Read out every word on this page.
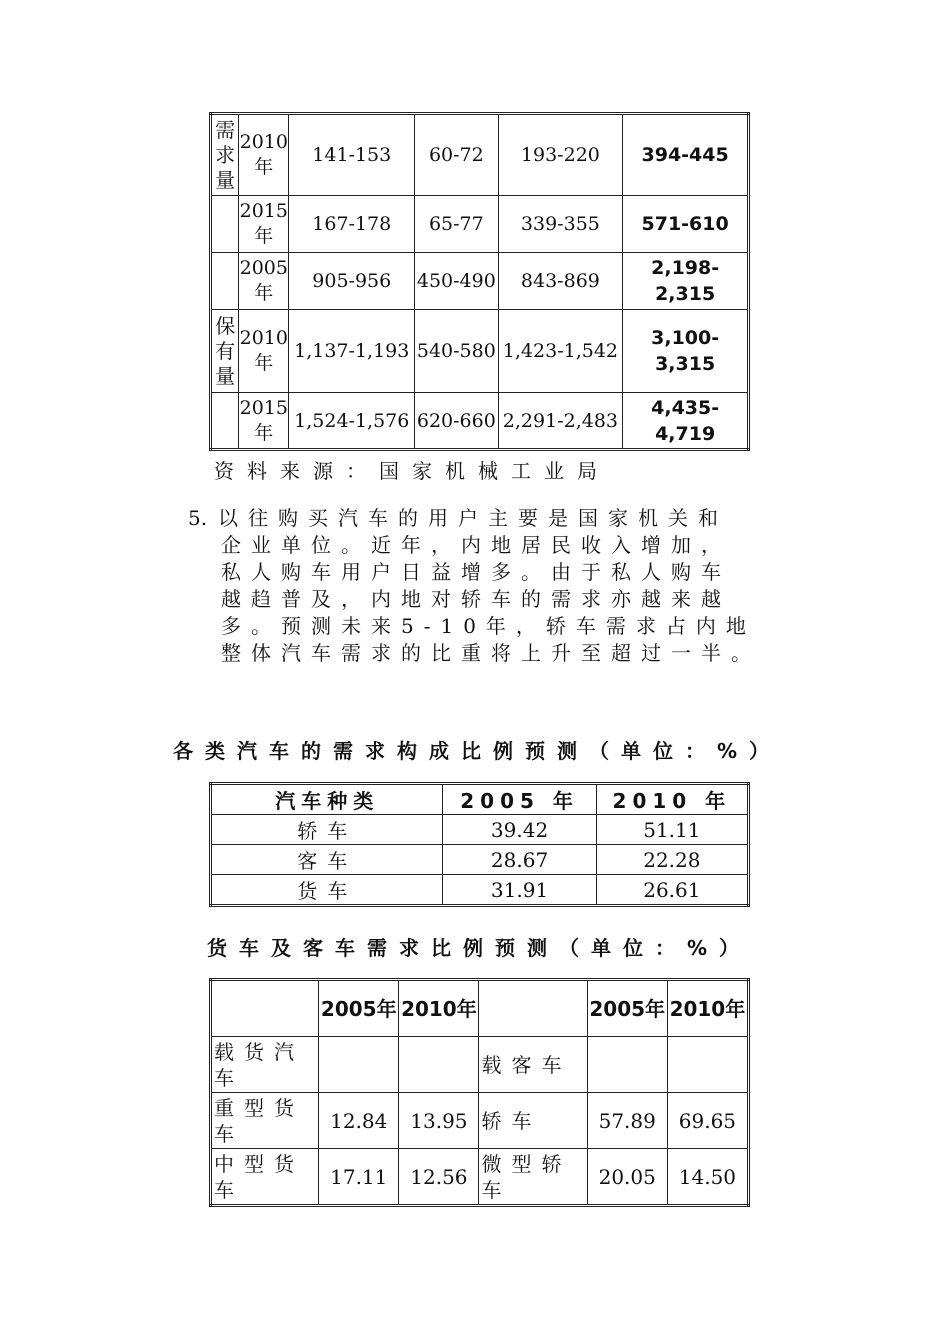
需求量	2010年	141-153	60-72	193-220	394-445
	2015年	167-178	65-77	339-355	571-610
	2005年	905-956	450-490	843-869	2,198-2,315
保有量	2010年	1,137-1,193	540-580	1,423-1,542	3,100-3,315
	2015年	1,524-1,576	620-660	2,291-2,483	4,435-4,719
资料来源：国家机械工业局
5. 以往购买汽车的用户主要是国家机关和
企业单位。近年，内地居民收入增加，
私人购车用户日益增多。由于私人购车
越趋普及，内地对轿车的需求亦越来越
多。预测未来5-10年，轿车需求占内地
整体汽车需求的比重将上升至超过一半。
各类汽车的需求构成比例预测（单位：%）
汽车种类	2005 年	2010 年
轿车	39.42	51.11
客车	28.67	22.28
货车	31.91	26.61
货车及客车需求比例预测（单位：%）
	2005年	2010年		2005年	2010年
载货汽车			载客车		
重型货车	12.84	13.95	轿车	57.89	69.65
中型货车	17.11	12.56	微型轿车	20.05	14.50
